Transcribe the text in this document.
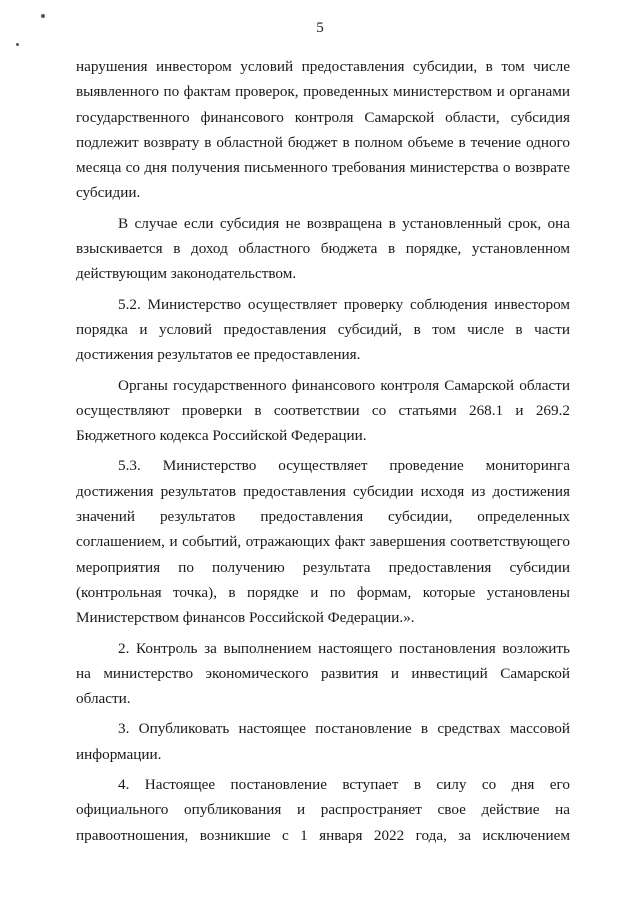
5

нарушения инвестором условий предоставления субсидии, в том числе выявленного по фактам проверок, проведенных министерством и органами государственного финансового контроля Самарской области, субсидия подлежит возврату в областной бюджет в полном объеме в течение одного месяца со дня получения письменного требования министерства о возврате субсидии.

В случае если субсидия не возвращена в установленный срок, она взыскивается в доход областного бюджета в порядке, установленном действующим законодательством.

5.2. Министерство осуществляет проверку соблюдения инвестором порядка и условий предоставления субсидий, в том числе в части достижения результатов ее предоставления.

Органы государственного финансового контроля Самарской области осуществляют проверки в соответствии со статьями 268.1 и 269.2 Бюджетного кодекса Российской Федерации.

5.3. Министерство осуществляет проведение мониторинга достижения результатов предоставления субсидии исходя из достижения значений результатов предоставления субсидии, определенных соглашением, и событий, отражающих факт завершения соответствующего мероприятия по получению результата предоставления субсидии (контрольная точка), в порядке и по формам, которые установлены Министерством финансов Российской Федерации.».

2. Контроль за выполнением настоящего постановления возложить на министерство экономического развития и инвестиций Самарской области.

3. Опубликовать настоящее постановление в средствах массовой информации.

4. Настоящее постановление вступает в силу со дня его официального опубликования и распространяет свое действие на правоотношения, возникшие с 1 января 2022 года, за исключением
